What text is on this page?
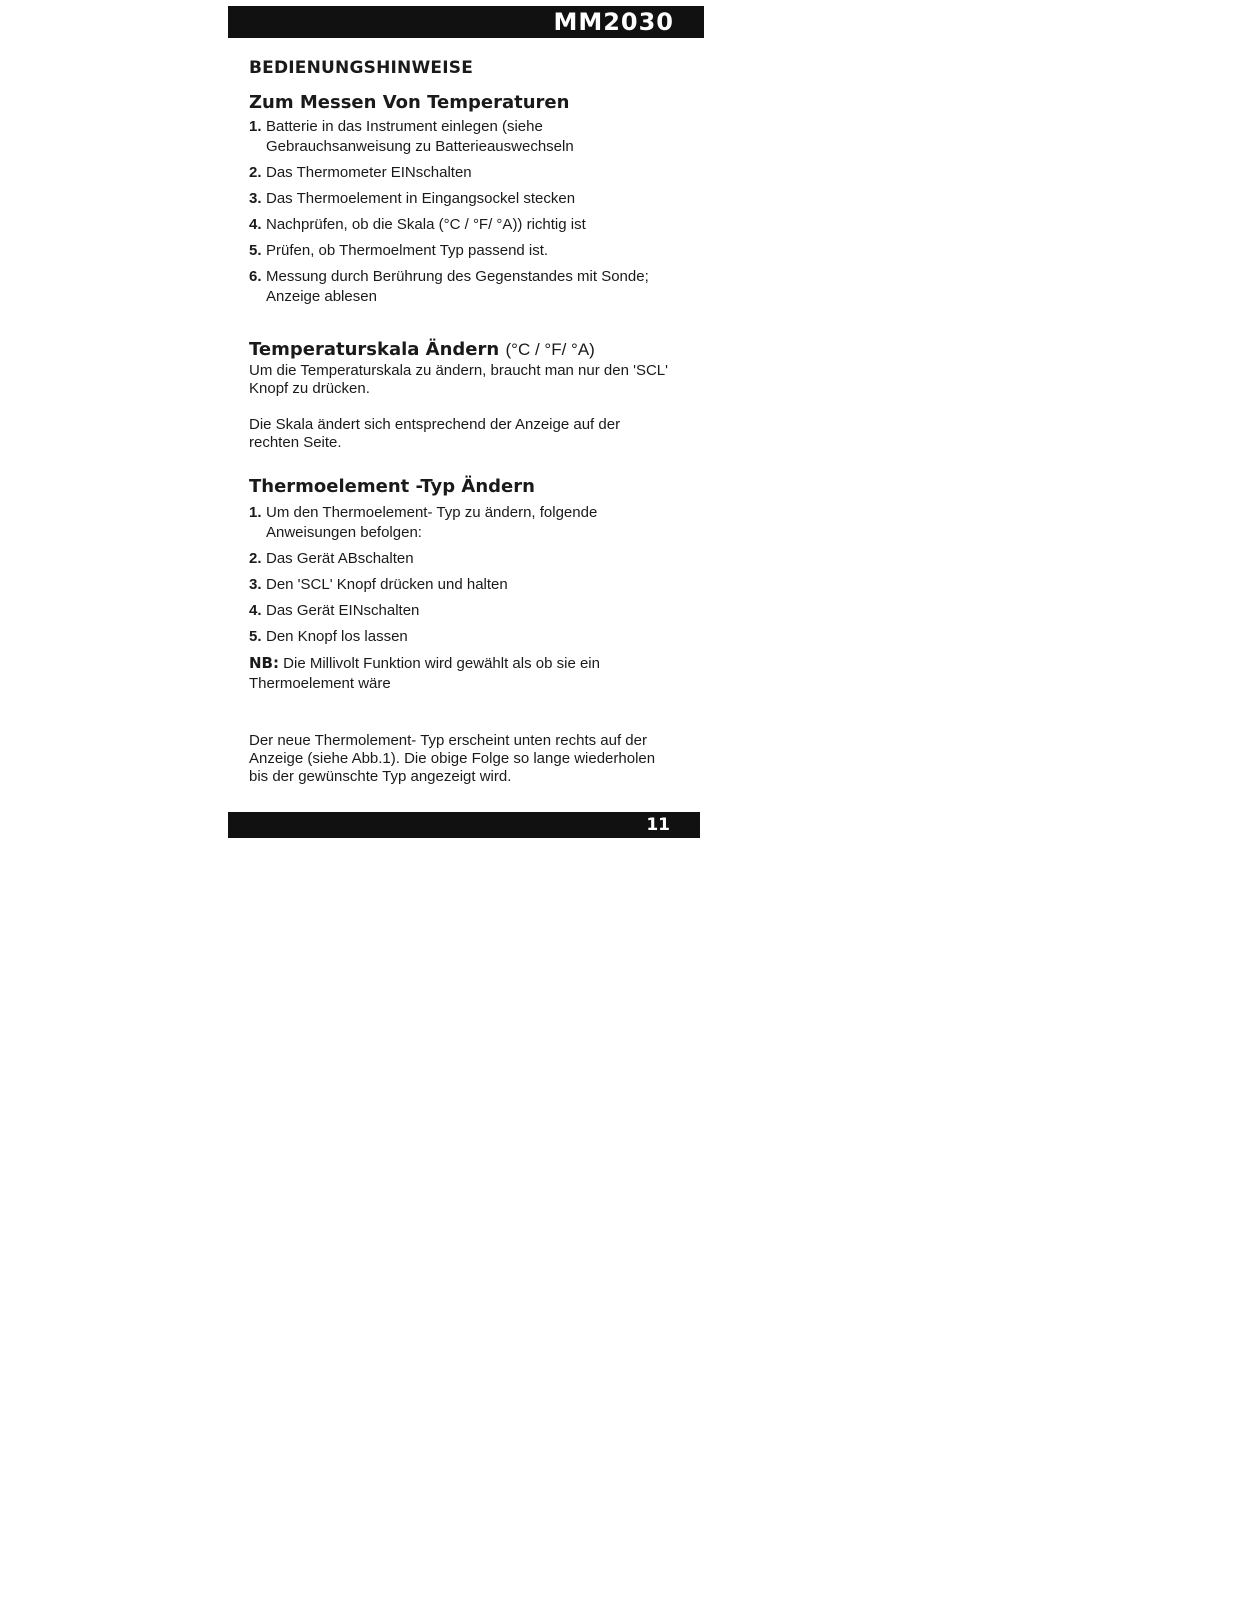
MM2030
BEDIENUNGSHINWEISE
Zum Messen Von Temperaturen
1. Batterie in das Instrument einlegen (siehe Gebrauchsanweisung zu Batterieauswechseln
2. Das Thermometer EINschalten
3. Das Thermoelement in Eingangsockel stecken
4. Nachprüfen, ob die Skala (°C / °F/ °A)) richtig ist
5. Prüfen, ob Thermoelment Typ passend ist.
6. Messung durch Berührung des Gegenstandes mit Sonde; Anzeige ablesen
Temperaturskala Ändern (°C / °F/ °A)

Um die Temperaturskala zu ändern, braucht man nur den 'SCL' Knopf zu drücken.

Die Skala ändert sich entsprechend der Anzeige auf der rechten Seite.

Thermoelement -Typ Ändern
1. Um den Thermoelement- Typ zu ändern, folgende Anweisungen befolgen:
2. Das Gerät ABschalten
3. Den 'SCL' Knopf drücken und halten
4. Das Gerät EINschalten
5. Den Knopf los lassen

NB: Die Millivolt Funktion wird gewählt als ob sie ein Thermoelement wäre

Der neue Thermolement- Typ erscheint unten rechts auf der Anzeige (siehe Abb.1). Die obige Folge so lange wiederholen bis der gewünschte Typ angezeigt wird.

11
